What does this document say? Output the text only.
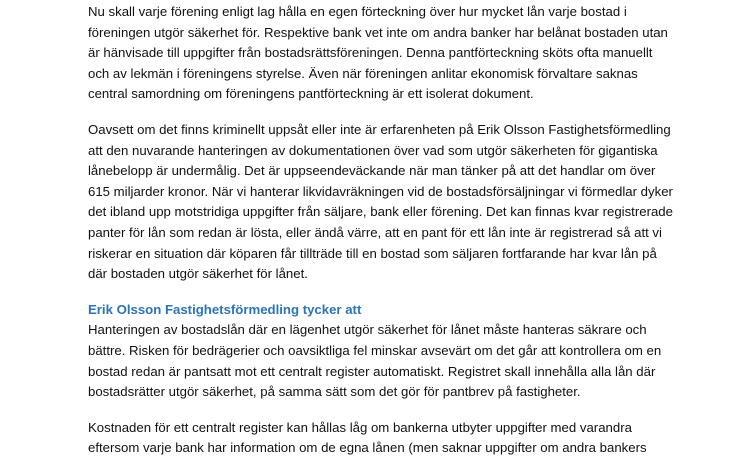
Nu skall varje förening enligt lag hålla en egen förteckning över hur mycket lån varje bostad i
föreningen utgör säkerhet för. Respektive bank vet inte om andra banker har belånat bostaden utan
är hänvisade till uppgifter från bostadsrättsföreningen. Denna pantförteckning sköts ofta manuellt
och av lekmän i föreningens styrelse. Även när föreningen anlitar ekonomisk förvaltare saknas
central samordning om föreningens pantförteckning är ett isolerat dokument.
Oavsett om det finns kriminellt uppsåt eller inte är erfarenheten på Erik Olsson Fastighetsförmedling
att den nuvarande hanteringen av dokumentationen över vad som utgör säkerheten för gigantiska
lånebelopp är undermålig. Det är uppseendeväckande när man tänker på att det handlar om över
615 miljarder kronor. När vi hanterar likvidavräkningen vid de bostadsförsäljningar vi förmedlar dyker
det ibland upp motstridiga uppgifter från säljare, bank eller förening. Det kan finnas kvar registrerade
panter för lån som redan är lösta, eller ändå värre, att en pant för ett lån inte är registrerad så att vi
riskerar en situation där köparen får tillträde till en bostad som säljaren fortfarande har kvar lån på
där bostaden utgör säkerhet för lånet.
Erik Olsson Fastighetsförmedling tycker att
Hanteringen av bostadslån där en lägenhet utgör säkerhet för lånet måste hanteras säkrare och
bättre. Risken för bedrägerier och oavsiktliga fel minskar avsevärt om det går att kontrollera om en
bostad redan är pantsatt mot ett centralt register automatiskt. Registret skall innehålla alla lån där
bostadsrätter utgör säkerhet, på samma sätt som det gör för pantbrev på fastigheter.
Kostnaden för ett centralt register kan hållas låg om bankerna utbyter uppgifter med varandra
eftersom varje bank har information om de egna lånen (men saknar uppgifter om andra bankers
